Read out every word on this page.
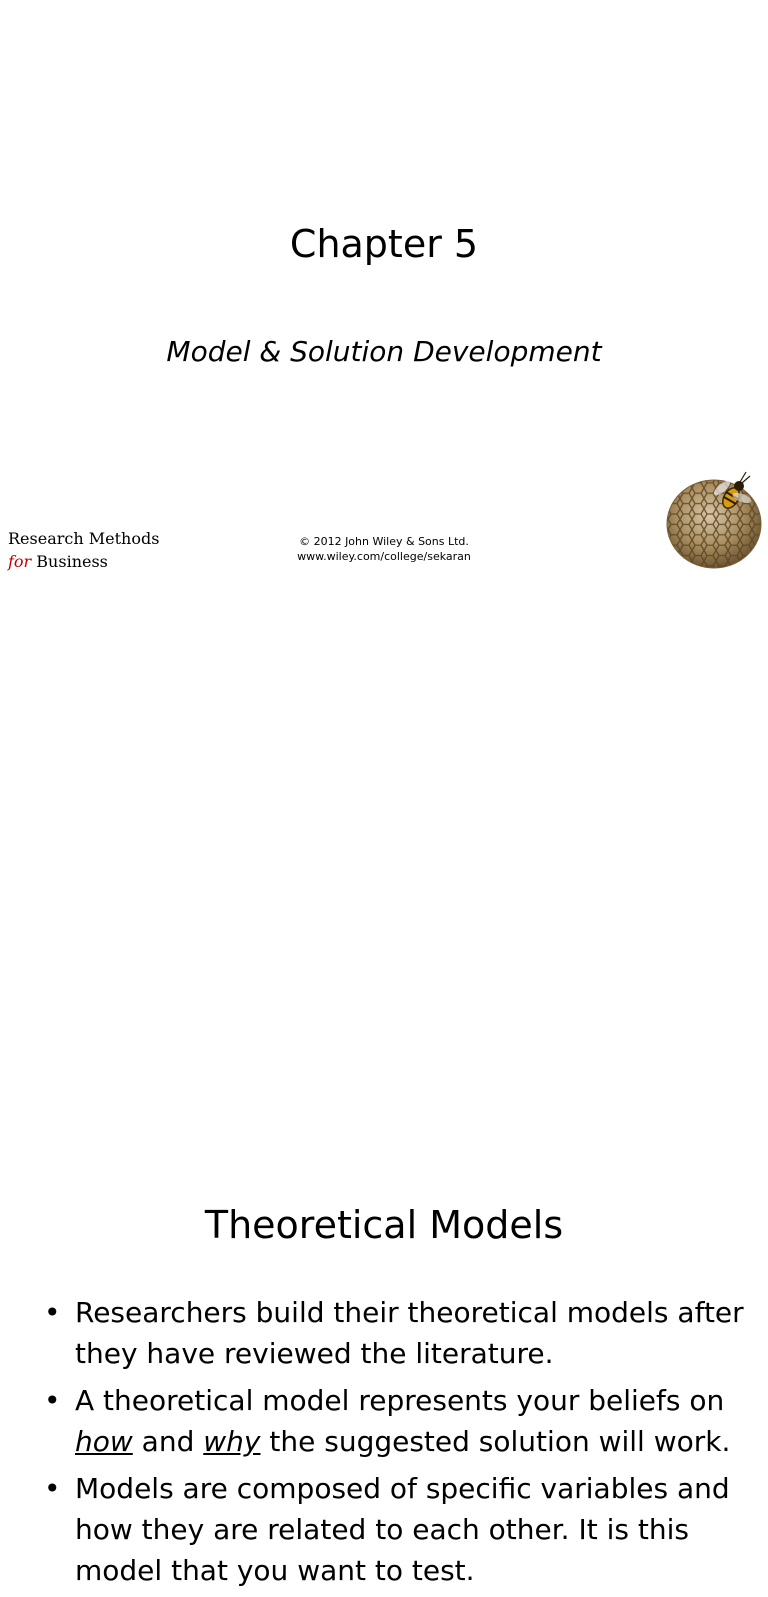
Chapter 5
Model & Solution Development
Research Methods
for Business
© 2012 John Wiley & Sons Ltd.
www.wiley.com/college/sekaran
Theoretical Models
• Researchers build their theoretical models after they have reviewed the literature.
• A theoretical model represents your beliefs on how and why the suggested solution will work.
• Models are composed of specific variables and how they are related to each other. It is this model that you want to test.
